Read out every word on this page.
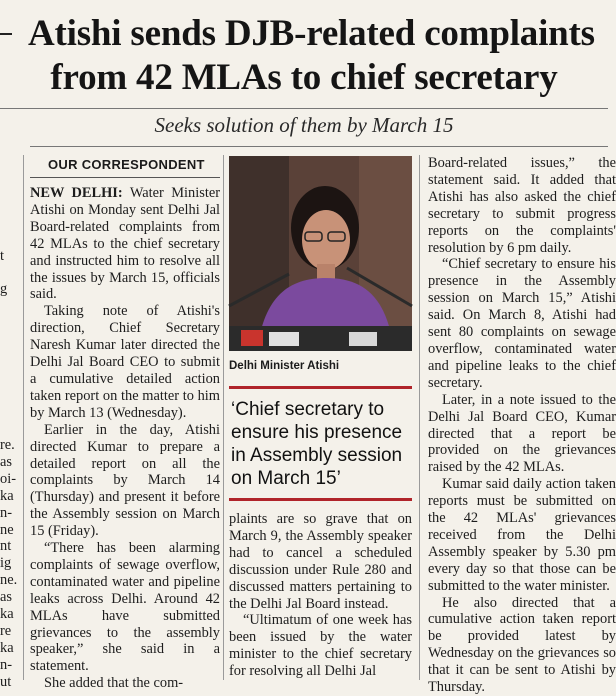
Atishi sends DJB-related complaints
from 42 MLAs to chief secretary
Seeks solution of them by March 15
t
g
re.
as
oi-
ka
n-
ne
nt
ig
ne.
as
ka
re
ka
n-
ut
OUR CORRESPONDENT

NEW DELHI: Water Minister Atishi on Monday sent Delhi Jal Board-related complaints from 42 MLAs to the chief secretary and instructed him to resolve all the issues by March 15, officials said.

Taking note of Atishi's direction, Chief Secretary Naresh Kumar later directed the Delhi Jal Board CEO to submit a cumulative detailed action taken report on the matter to him by March 13 (Wednesday).

Earlier in the day, Atishi directed Kumar to prepare a detailed report on all the complaints by March 14 (Thursday) and present it before the Assembly session on March 15 (Friday).

“There has been alarming complaints of sewage overflow, contaminated water and pipeline leaks across Delhi. Around 42 MLAs have submitted grievances to the assembly speaker,” she said in a statement.

She added that the com-

Delhi Minister Atishi
‘Chief secretary to ensure his presence in Assembly session on March 15’

plaints are so grave that on March 9, the Assembly speaker had to cancel a scheduled discussion under Rule 280 and discussed matters pertaining to the Delhi Jal Board instead.

“Ultimatum of one week has been issued by the water minister to the chief secretary for resolving all Delhi Jal

Board-related issues,” the statement said. It added that Atishi has also asked the chief secretary to submit progress reports on the complaints' resolution by 6 pm daily.

“Chief secretary to ensure his presence in the Assembly session on March 15,” Atishi said. On March 8, Atishi had sent 80 complaints on sewage overflow, contaminated water and pipeline leaks to the chief secretary.

Later, in a note issued to the Delhi Jal Board CEO, Kumar directed that a report be provided on the grievances raised by the 42 MLAs.

Kumar said daily action taken reports must be submitted on the 42 MLAs' grievances received from the Delhi Assembly speaker by 5.30 pm every day so that those can be submitted to the water minister.

He also directed that a cumulative action taken report be provided latest by Wednesday on the grievances so that it can be sent to Atishi by Thursday.
